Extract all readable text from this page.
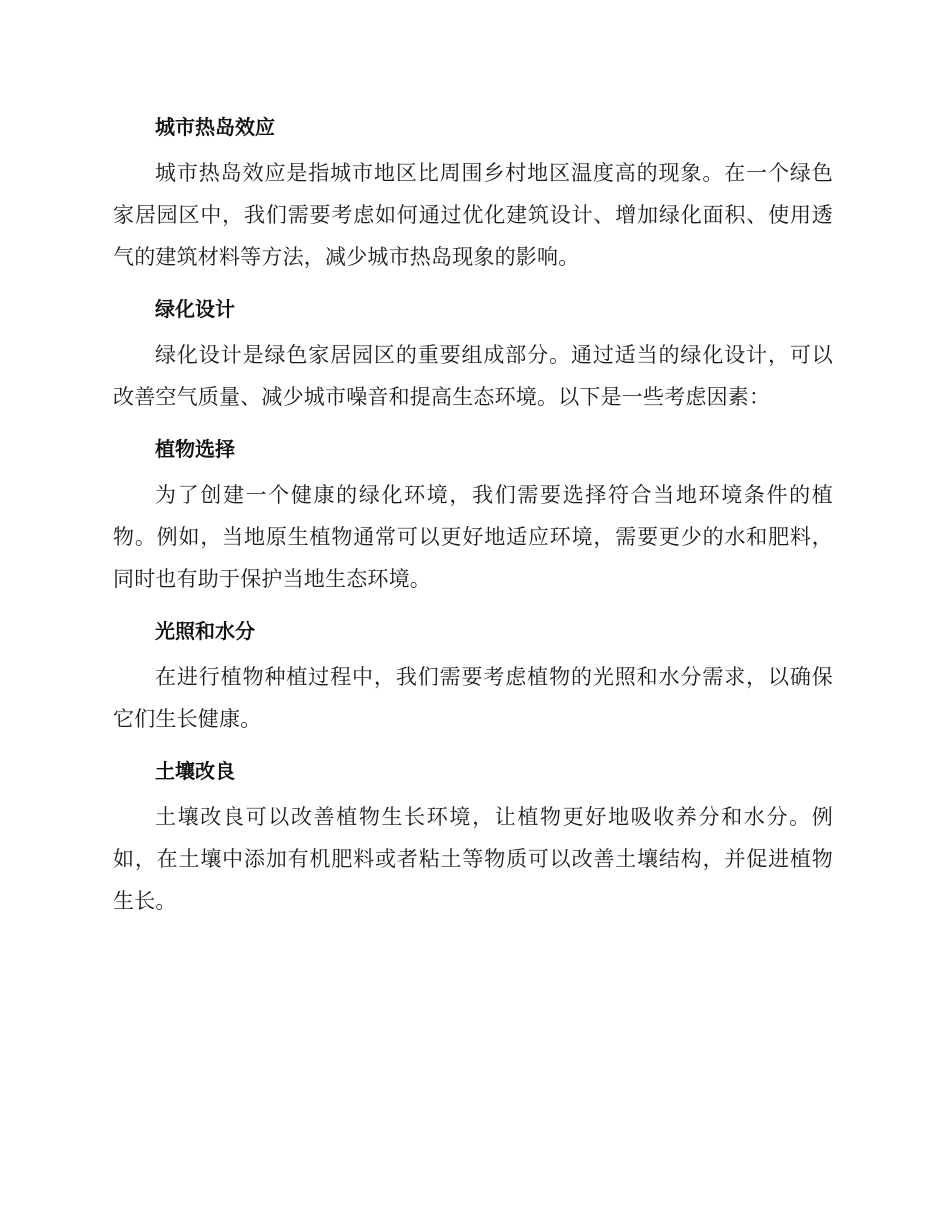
城市热岛效应

城市热岛效应是指城市地区比周围乡村地区温度高的现象。在一个绿色家居园区中，我们需要考虑如何通过优化建筑设计、增加绿化面积、使用透气的建筑材料等方法，减少城市热岛现象的影响。

绿化设计

绿化设计是绿色家居园区的重要组成部分。通过适当的绿化设计，可以改善空气质量、减少城市噪音和提高生态环境。以下是一些考虑因素：

植物选择

为了创建一个健康的绿化环境，我们需要选择符合当地环境条件的植物。例如，当地原生植物通常可以更好地适应环境，需要更少的水和肥料，同时也有助于保护当地生态环境。

光照和水分

在进行植物种植过程中，我们需要考虑植物的光照和水分需求，以确保它们生长健康。

土壤改良

土壤改良可以改善植物生长环境，让植物更好地吸收养分和水分。例如，在土壤中添加有机肥料或者粘土等物质可以改善土壤结构，并促进植物生长。
